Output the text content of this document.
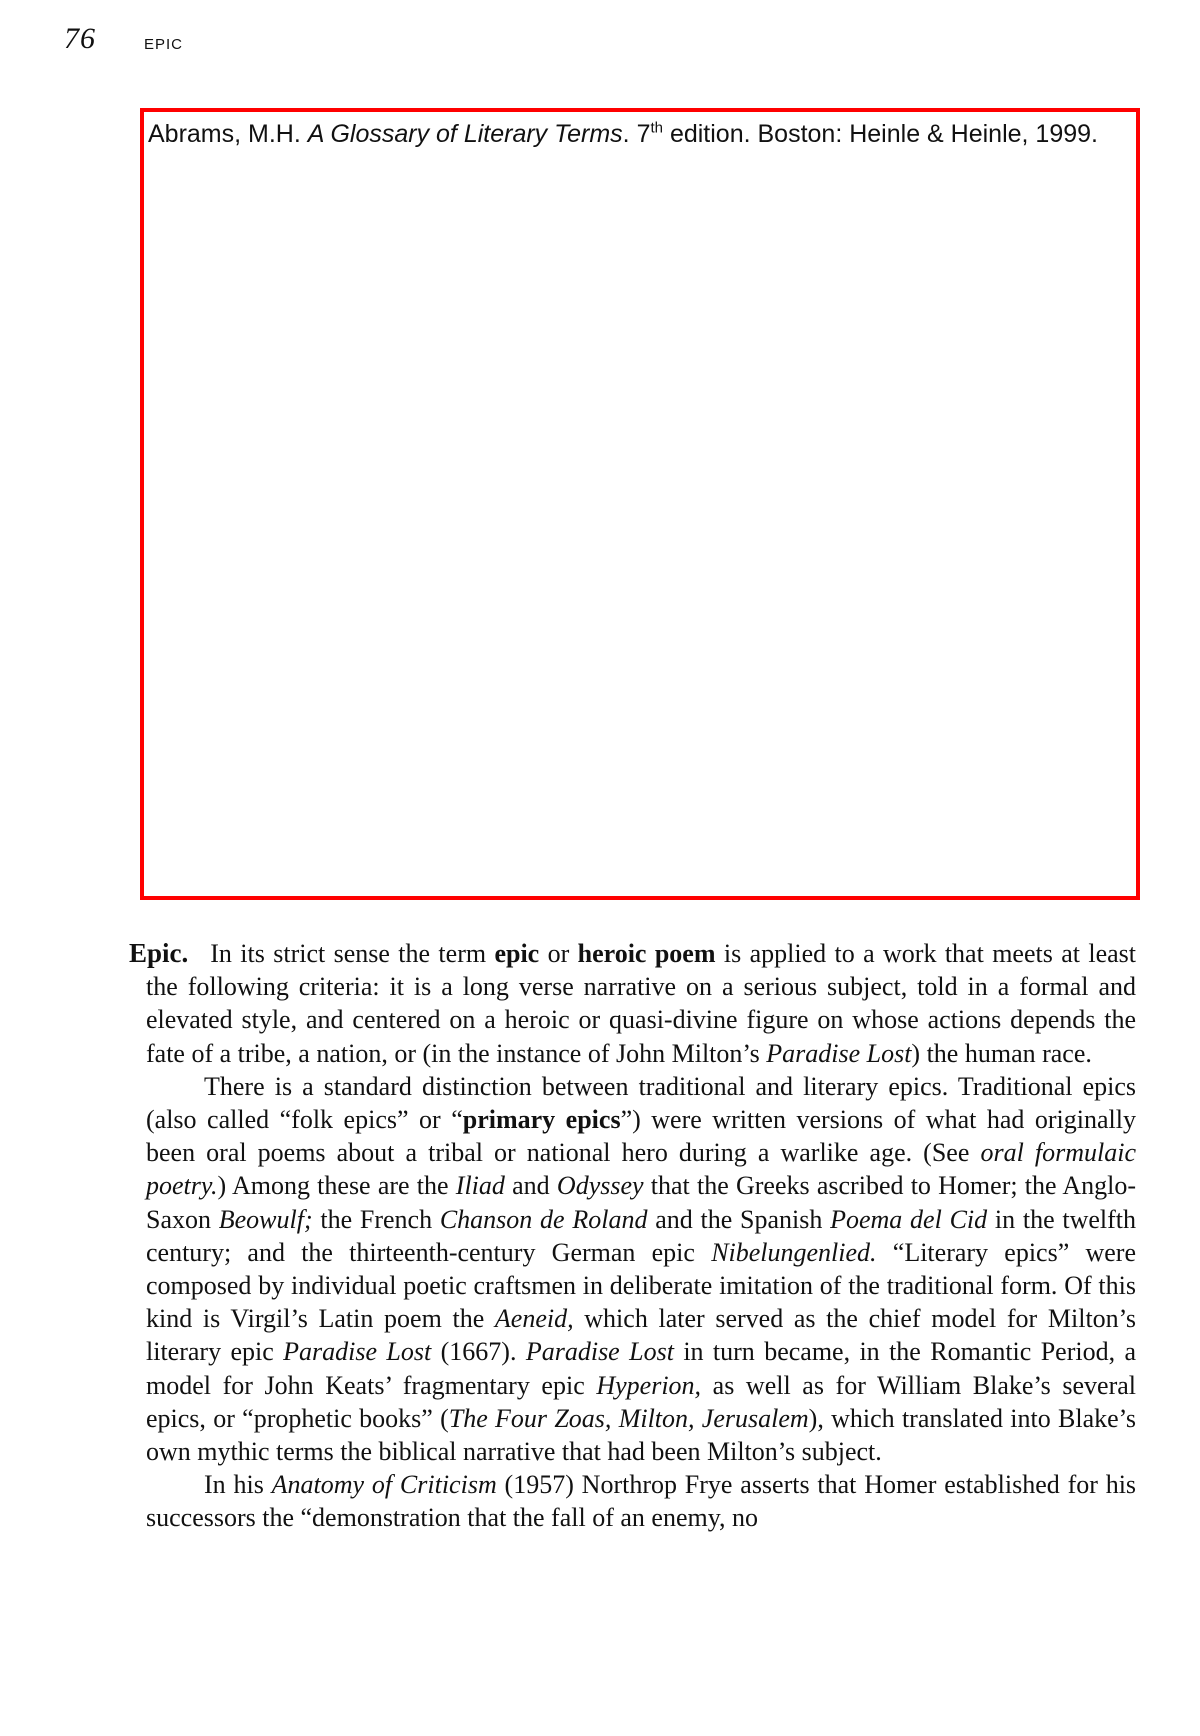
76	EPIC

Abrams, M.H. A Glossary of Literary Terms. 7th edition. Boston: Heinle & Heinle, 1999.

Epic. In its strict sense the term epic or heroic poem is applied to a work that meets at least the following criteria: it is a long verse narrative on a serious subject, told in a formal and elevated style, and centered on a heroic or quasi-divine figure on whose actions depends the fate of a tribe, a nation, or (in the instance of John Milton’s Paradise Lost) the human race.

There is a standard distinction between traditional and literary epics. Traditional epics (also called “folk epics” or “primary epics”) were written versions of what had originally been oral poems about a tribal or national hero during a warlike age. (See oral formulaic poetry.) Among these are the Iliad and Odyssey that the Greeks ascribed to Homer; the Anglo-Saxon Beowulf; the French Chanson de Roland and the Spanish Poema del Cid in the twelfth century; and the thirteenth-century German epic Nibelungenlied. “Literary epics” were composed by individual poetic craftsmen in deliberate imitation of the traditional form. Of this kind is Virgil’s Latin poem the Aeneid, which later served as the chief model for Milton’s literary epic Paradise Lost (1667). Paradise Lost in turn became, in the Romantic Period, a model for John Keats’ fragmentary epic Hyperion, as well as for William Blake’s several epics, or “prophetic books” (The Four Zoas, Milton, Jerusalem), which translated into Blake’s own mythic terms the biblical narrative that had been Milton’s subject.

In his Anatomy of Criticism (1957) Northrop Frye asserts that Homer established for his successors the “demonstration that the fall of an enemy, no
